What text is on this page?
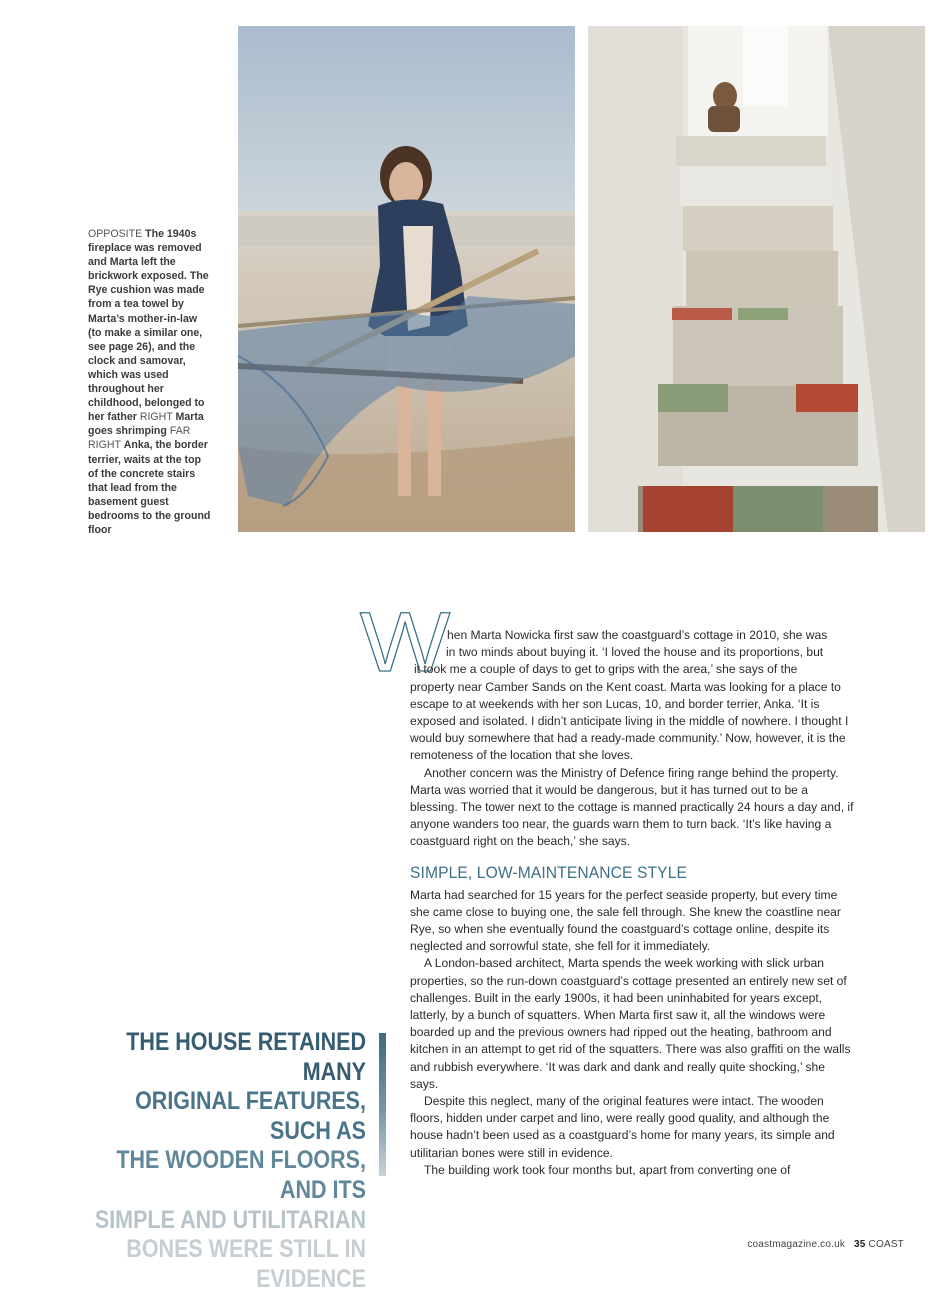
OPPOSITE The 1940s fireplace was removed and Marta left the brickwork exposed. The Rye cushion was made from a tea towel by Marta’s mother-in-law (to make a similar one, see page 26), and the clock and samovar, which was used throughout her childhood, belonged to her father RIGHT Marta goes shrimping FAR RIGHT Anka, the border terrier, waits at the top of the concrete stairs that lead from the basement guest bedrooms to the ground floor
W

hen Marta Nowicka first saw the coastguard’s cottage in 2010, she was
in two minds about buying it. ‘I loved the house and its proportions, but
it took me a couple of days to get to grips with the area,’ she says of the
property near Camber Sands on the Kent coast. Marta was looking for a place to escape to at weekends with her son Lucas, 10, and border terrier, Anka. ‘It is exposed and isolated. I didn’t anticipate living in the middle of nowhere. I thought I would buy somewhere that had a ready-made community.’ Now, however, it is the remoteness of the location that she loves.

Another concern was the Ministry of Defence firing range behind the property. Marta was worried that it would be dangerous, but it has turned out to be a blessing. The tower next to the cottage is manned practically 24 hours a day and, if anyone wanders too near, the guards warn them to turn back. ‘It’s like having a coastguard right on the beach,’ she says.

SIMPLE, LOW-MAINTENANCE STYLE

Marta had searched for 15 years for the perfect seaside property, but every time she came close to buying one, the sale fell through. She knew the coastline near Rye, so when she eventually found the coastguard’s cottage online, despite its neglected and sorrowful state, she fell for it immediately.

A London-based architect, Marta spends the week working with slick urban properties, so the run-down coastguard’s cottage presented an entirely new set of challenges. Built in the early 1900s, it had been uninhabited for years except, latterly, by a bunch of squatters. When Marta first saw it, all the windows were boarded up and the previous owners had ripped out the heating, bathroom and kitchen in an attempt to get rid of the squatters. There was also graffiti on the walls and rubbish everywhere. ‘It was dark and dank and really quite shocking,’ she says.

Despite this neglect, many of the original features were intact. The wooden floors, hidden under carpet and lino, were really good quality, and although the house hadn’t been used as a coastguard’s home for many years, its simple and utilitarian bones were still in evidence.

The building work took four months but, apart from converting one of

THE HOUSE RETAINED MANY
ORIGINAL FEATURES, SUCH AS
THE WOODEN FLOORS, AND ITS
SIMPLE AND UTILITARIAN
BONES WERE STILL IN EVIDENCE
coastmagazine.co.uk 35 COAST
